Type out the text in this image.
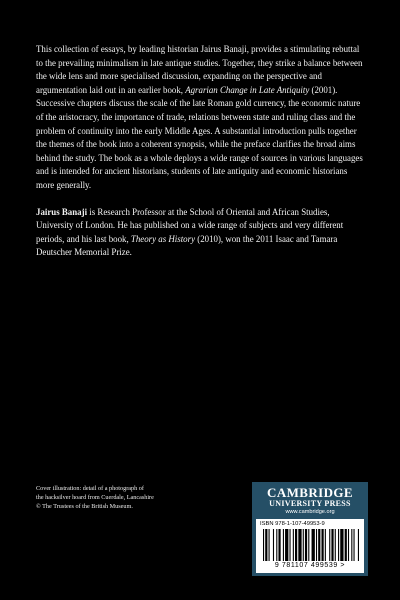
This collection of essays, by leading historian Jairus Banaji, provides a stimulating rebuttal to the prevailing minimalism in late antique studies. Together, they strike a balance between the wide lens and more specialised discussion, expanding on the perspective and argumentation laid out in an earlier book, Agrarian Change in Late Antiquity (2001). Successive chapters discuss the scale of the late Roman gold currency, the economic nature of the aristocracy, the importance of trade, relations between state and ruling class and the problem of continuity into the early Middle Ages. A substantial introduction pulls together the themes of the book into a coherent synopsis, while the preface clarifies the broad aims behind the study. The book as a whole deploys a wide range of sources in various languages and is intended for ancient historians, students of late antiquity and economic historians more generally.

Jairus Banaji is Research Professor at the School of Oriental and African Studies, University of London. He has published on a wide range of subjects and very different periods, and his last book, Theory as History (2010), won the 2011 Isaac and Tamara Deutscher Memorial Prize.

Cover illustration: detail of a photograph of
the hacksilver hoard from Cuerdale, Lancashire
© The Trustees of the British Museum.
CAMBRIDGE
UNIVERSITY PRESS
www.cambridge.org
ISBN 978-1-107-49953-9
9 781107 499539 >
